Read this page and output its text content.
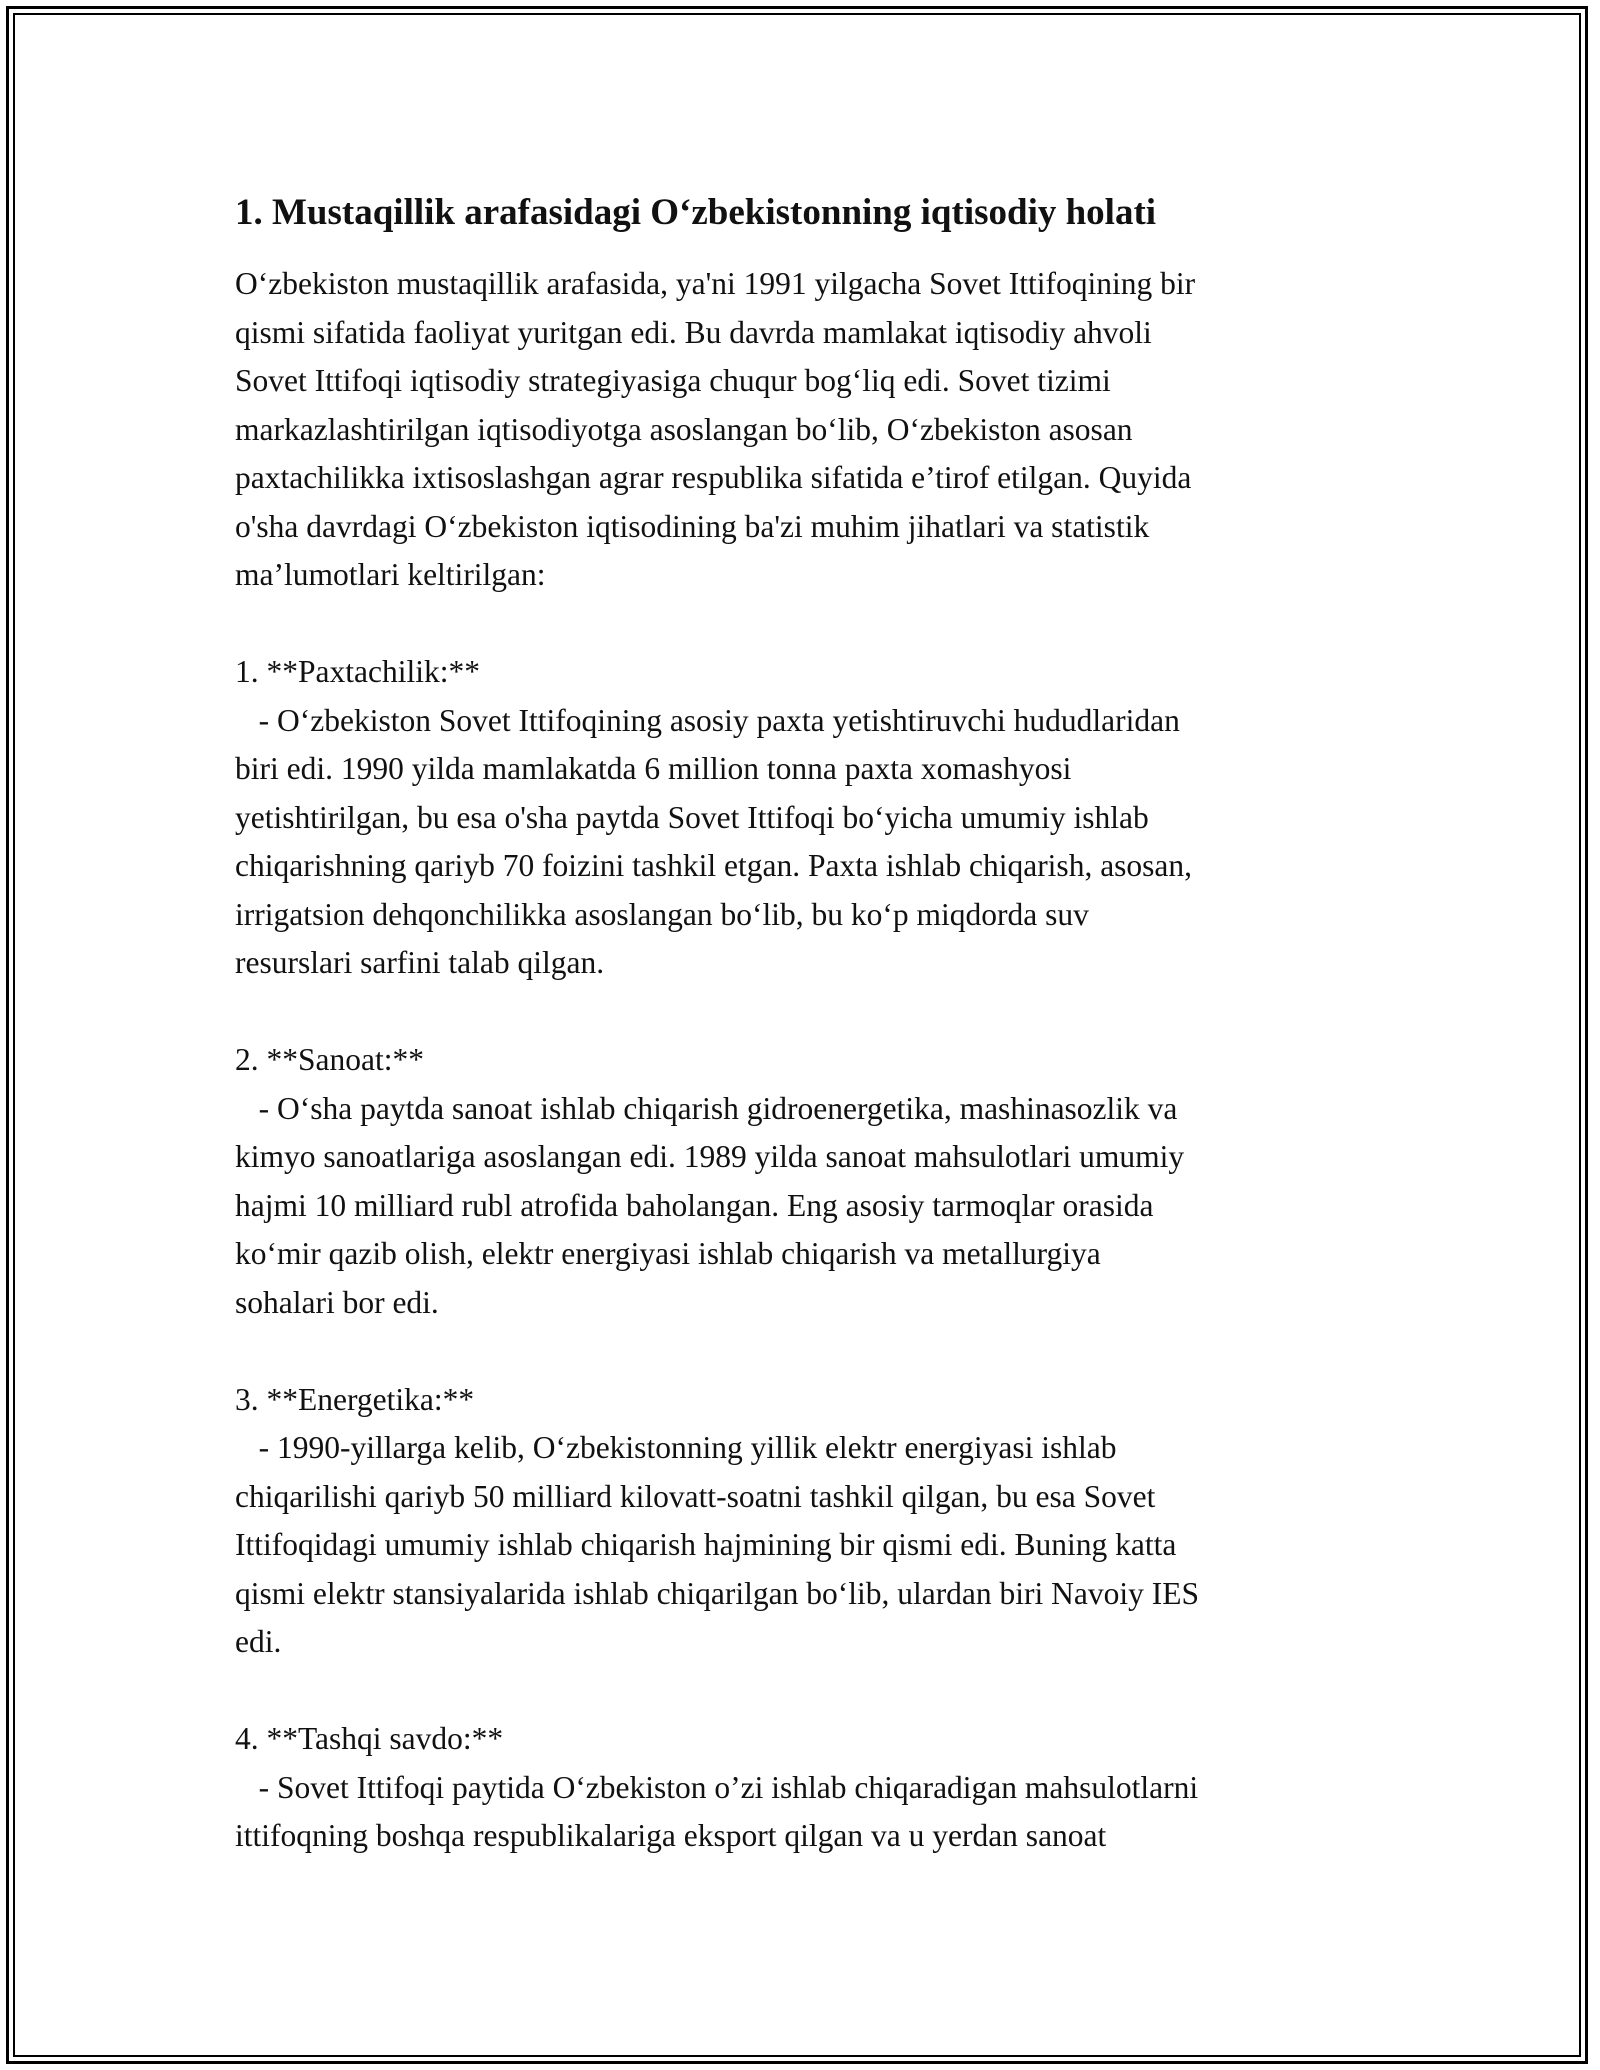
1. Mustaqillik arafasidagi O‘zbekistonning iqtisodiy holati

O‘zbekiston mustaqillik arafasida, ya'ni 1991 yilgacha Sovet Ittifoqining bir

qismi sifatida faoliyat yuritgan edi. Bu davrda mamlakat iqtisodiy ahvoli

Sovet Ittifoqi iqtisodiy strategiyasiga chuqur bog‘liq edi. Sovet tizimi

markazlashtirilgan iqtisodiyotga asoslangan bo‘lib, O‘zbekiston asosan

paxtachilikka ixtisoslashgan agrar respublika sifatida e’tirof etilgan. Quyida

o'sha davrdagi O‘zbekiston iqtisodining ba'zi muhim jihatlari va statistik

ma’lumotlari keltirilgan:

1. **Paxtachilik:**

- O‘zbekiston Sovet Ittifoqining asosiy paxta yetishtiruvchi hududlaridan

biri edi. 1990 yilda mamlakatda 6 million tonna paxta xomashyosi

yetishtirilgan, bu esa o'sha paytda Sovet Ittifoqi bo‘yicha umumiy ishlab

chiqarishning qariyb 70 foizini tashkil etgan. Paxta ishlab chiqarish, asosan,

irrigatsion dehqonchilikka asoslangan bo‘lib, bu ko‘p miqdorda suv

resurslari sarfini talab qilgan.

2. **Sanoat:**

- O‘sha paytda sanoat ishlab chiqarish gidroenergetika, mashinasozlik va

kimyo sanoatlariga asoslangan edi. 1989 yilda sanoat mahsulotlari umumiy

hajmi 10 milliard rubl atrofida baholangan. Eng asosiy tarmoqlar orasida

ko‘mir qazib olish, elektr energiyasi ishlab chiqarish va metallurgiya

sohalari bor edi.

3. **Energetika:**

- 1990-yillarga kelib, O‘zbekistonning yillik elektr energiyasi ishlab

chiqarilishi qariyb 50 milliard kilovatt-soatni tashkil qilgan, bu esa Sovet

Ittifoqidagi umumiy ishlab chiqarish hajmining bir qismi edi. Buning katta

qismi elektr stansiyalarida ishlab chiqarilgan bo‘lib, ulardan biri Navoiy IES

edi.

4. **Tashqi savdo:**

- Sovet Ittifoqi paytida O‘zbekiston o’zi ishlab chiqaradigan mahsulotlarni

ittifoqning boshqa respublikalariga eksport qilgan va u yerdan sanoat
